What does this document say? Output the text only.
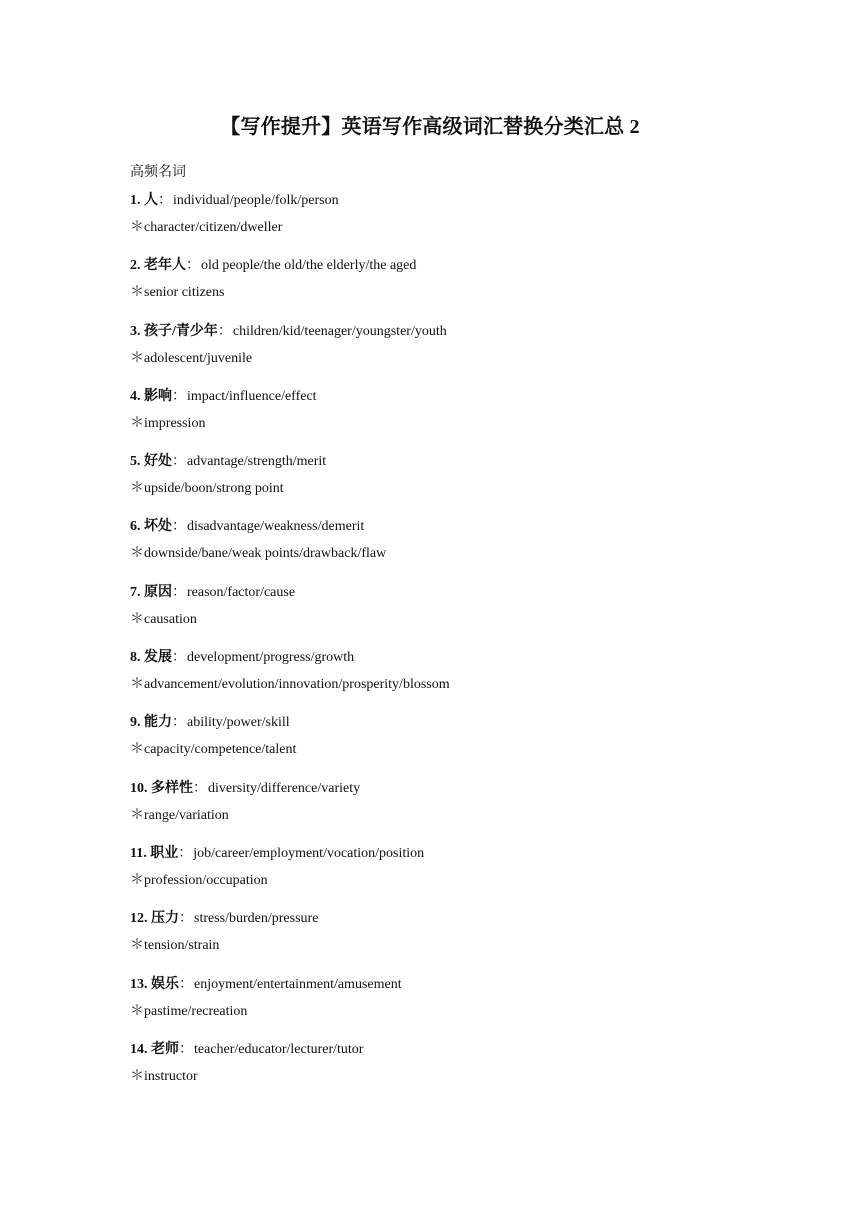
【写作提升】英语写作高级词汇替换分类汇总 2
高频名词
1. 人：individual/people/folk/person
＊character/citizen/dweller
2. 老年人：old people/the old/the elderly/the aged
＊senior citizens
3. 孩子/青少年：children/kid/teenager/youngster/youth
＊adolescent/juvenile
4. 影响：impact/influence/effect
＊impression
5. 好处：advantage/strength/merit
＊upside/boon/strong point
6. 坏处：disadvantage/weakness/demerit
＊downside/bane/weak points/drawback/flaw
7. 原因：reason/factor/cause
＊causation
8. 发展：development/progress/growth
＊advancement/evolution/innovation/prosperity/blossom
9. 能力：ability/power/skill
＊capacity/competence/talent
10. 多样性：diversity/difference/variety
＊range/variation
11. 职业：job/career/employment/vocation/position
＊profession/occupation
12. 压力：stress/burden/pressure
＊tension/strain
13. 娱乐：enjoyment/entertainment/amusement
＊pastime/recreation
14. 老师：teacher/educator/lecturer/tutor
＊instructor
